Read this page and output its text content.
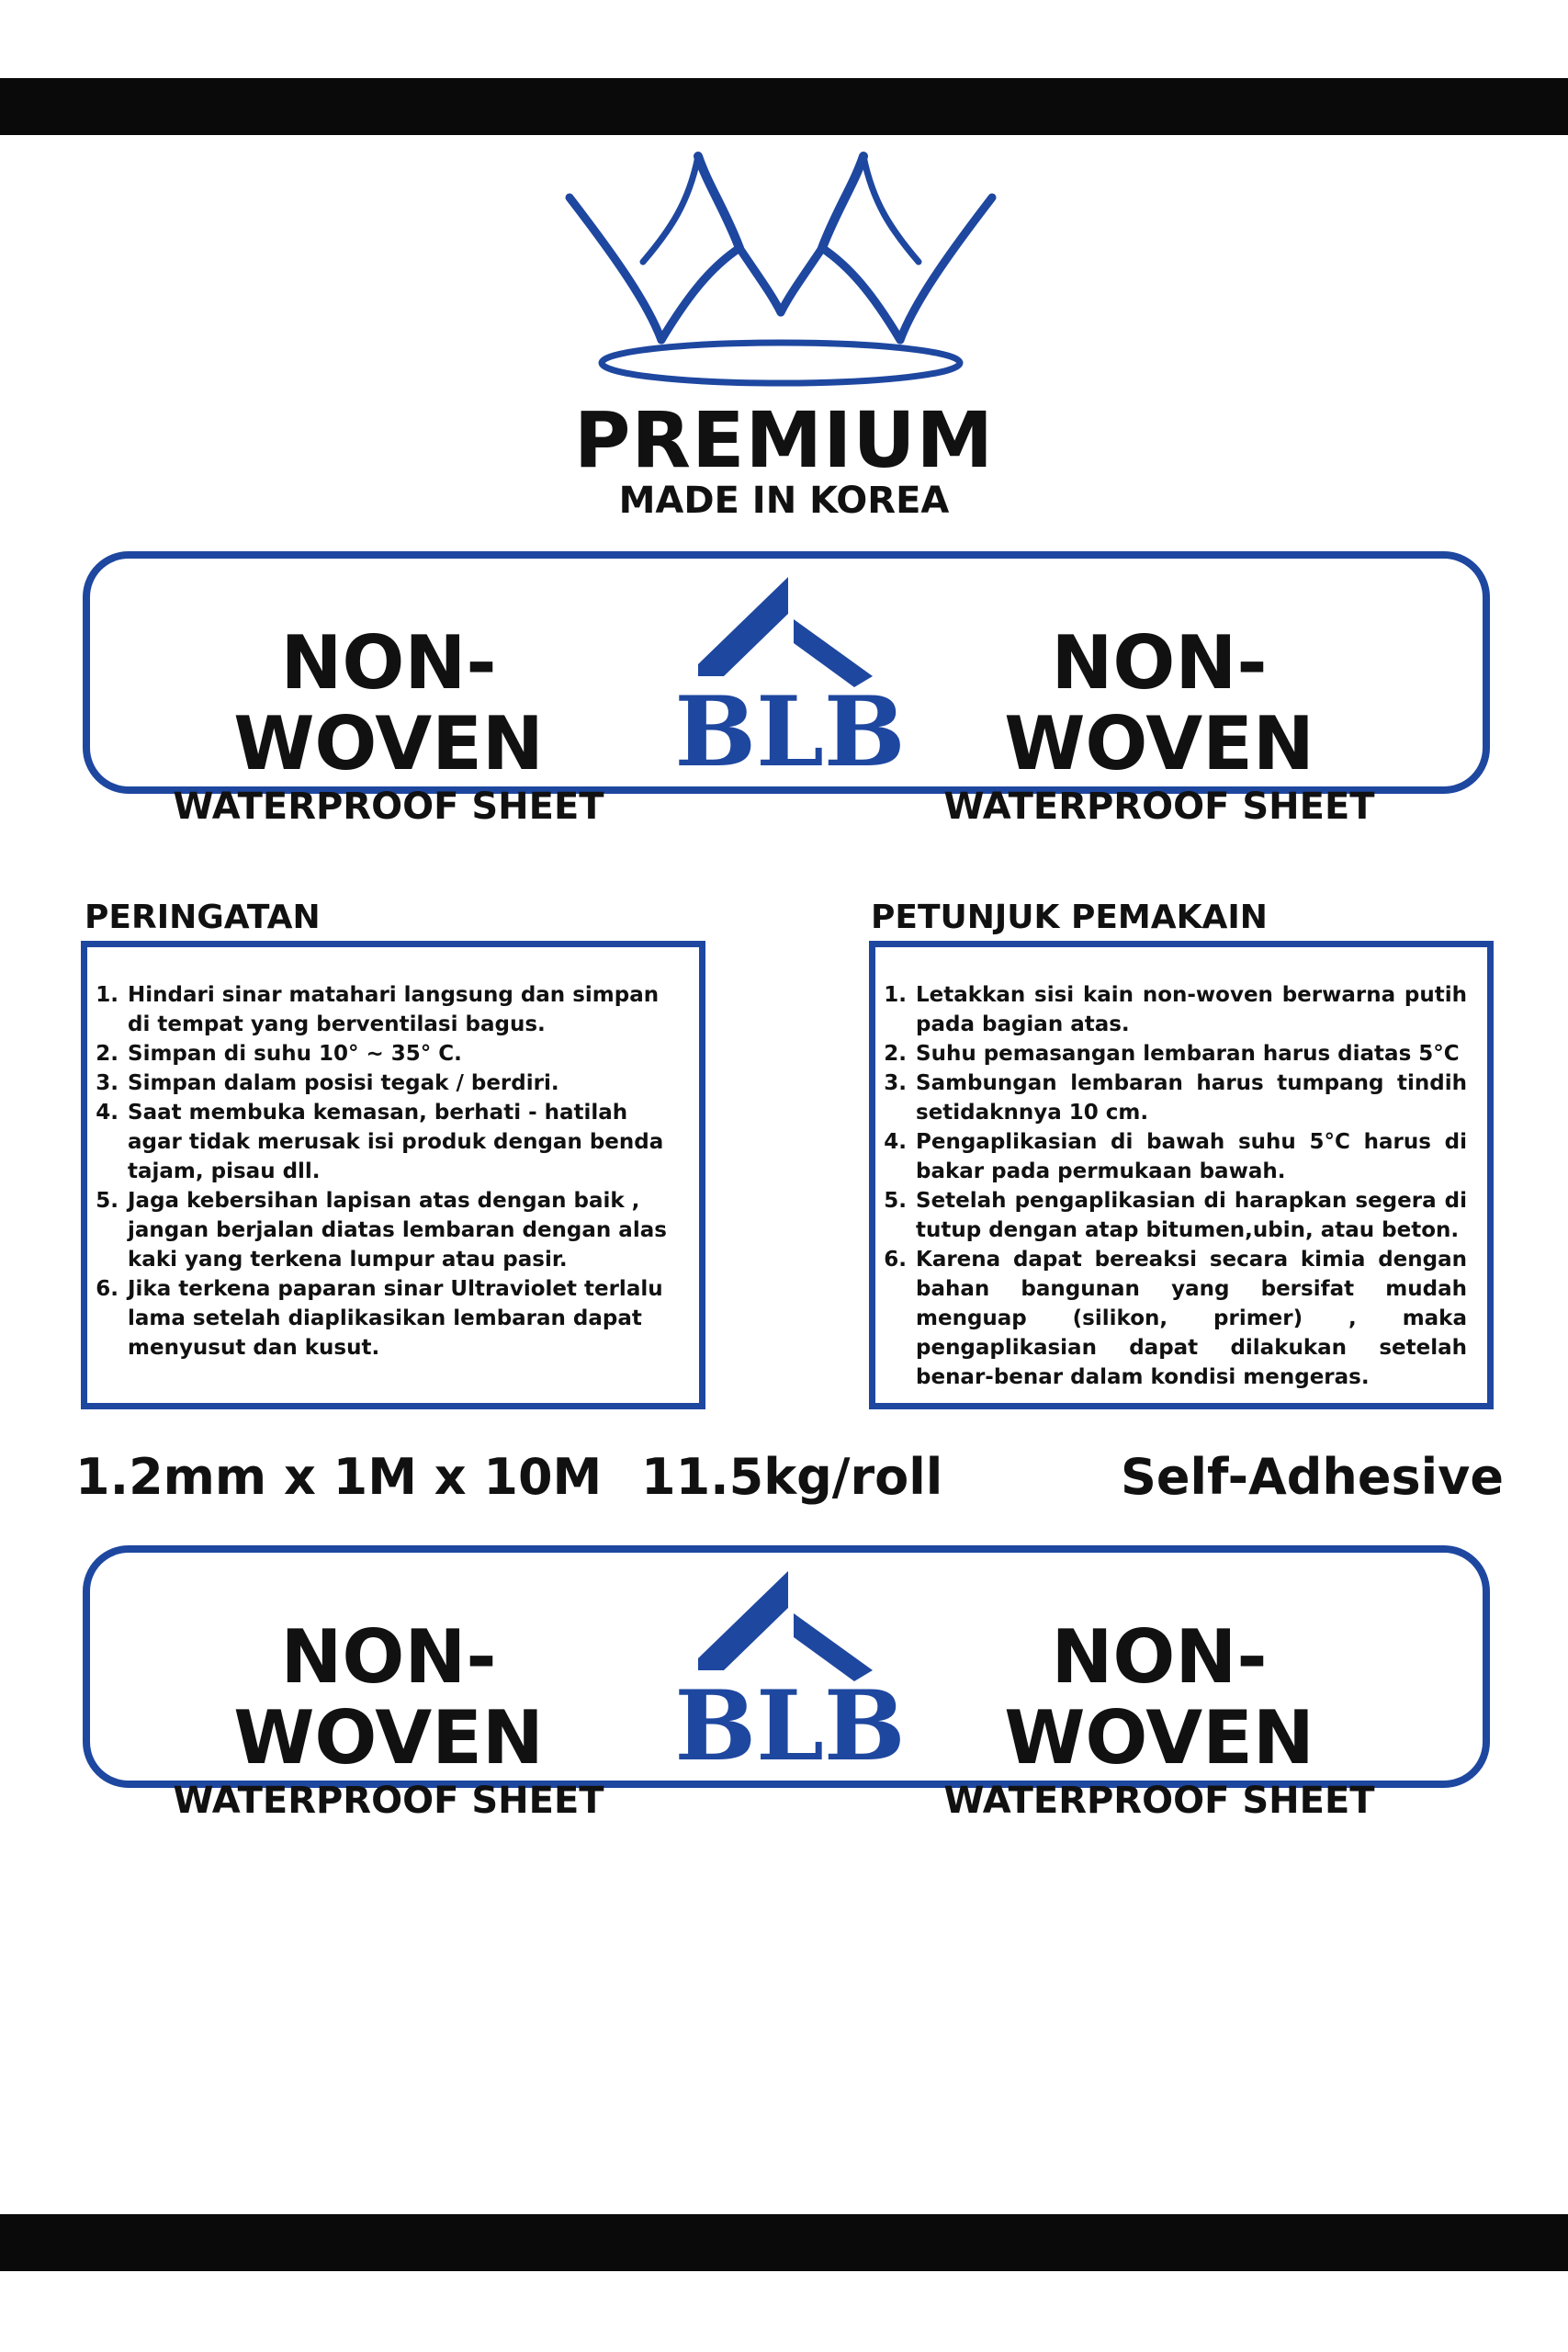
PREMIUM
MADE IN KOREA
NON-WOVEN
WATERPROOF SHEET
BLB
NON-WOVEN
WATERPROOF SHEET
PERINGATAN	PETUNJUK PEMAKAIN
1. Hindari sinar matahari langsung dan simpan di tempat yang berventilasi bagus.
2. Simpan di suhu 10° ~ 35° C.
3. Simpan dalam posisi tegak / berdiri.
4. Saat membuka kemasan, berhati - hatilah agar tidak merusak isi produk dengan benda tajam, pisau dll.
5. Jaga kebersihan lapisan atas dengan baik , jangan berjalan diatas lembaran dengan alas kaki yang terkena lumpur atau pasir.
6. Jika terkena paparan sinar Ultraviolet terlalu lama setelah diaplikasikan lembaran dapat menyusut dan kusut.
1. Letakkan sisi kain non-woven berwarna putih pada bagian atas.
2. Suhu pemasangan lembaran harus diatas 5°C
3. Sambungan lembaran harus tumpang tindih setidaknnya 10 cm.
4. Pengaplikasian di bawah suhu 5°C harus di bakar pada permukaan bawah.
5. Setelah pengaplikasian di harapkan segera di tutup dengan atap bitumen,ubin, atau beton.
6. Karena dapat bereaksi secara kimia dengan bahan bangunan yang bersifat mudah menguap (silikon, primer) , maka pengaplikasian dapat dilakukan setelah benar-benar dalam kondisi mengeras.
1.2mm x 1M x 10M 11.5kg/roll	Self-Adhesive
NON-WOVEN
WATERPROOF SHEET
BLB
NON-WOVEN
WATERPROOF SHEET
